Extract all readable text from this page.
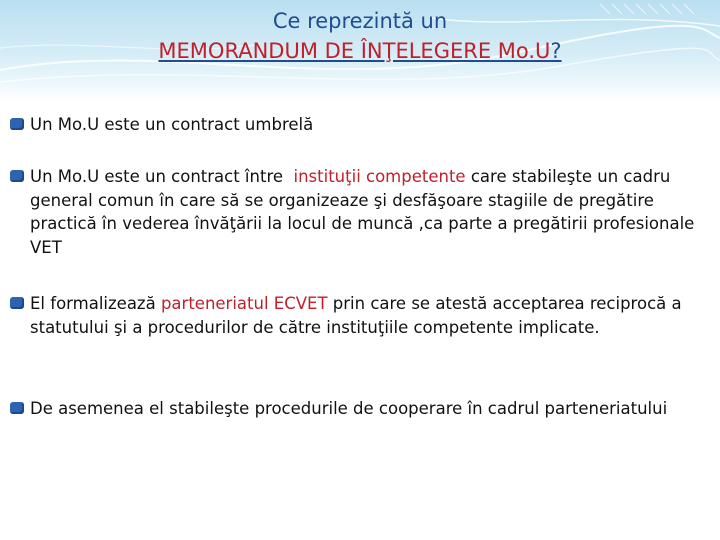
Ce reprezintă un
MEMORANDUM DE ÎNŢELEGERE Mo.U?
Un Mo.U este un contract umbrelă
Un Mo.U este un contract între  instituţii competente care stabileşte un cadru general comun în care să se organizeaze şi desfăşoare stagiile de pregătire practică în vederea învăţării la locul de muncă ,ca parte a pregătirii profesionale VET
El formalizează parteneriatul ECVET prin care se atestă acceptarea reciprocă a statutului şi a procedurilor de către instituţiile competente implicate.
De asemenea el stabileşte procedurile de cooperare în cadrul parteneriatului
